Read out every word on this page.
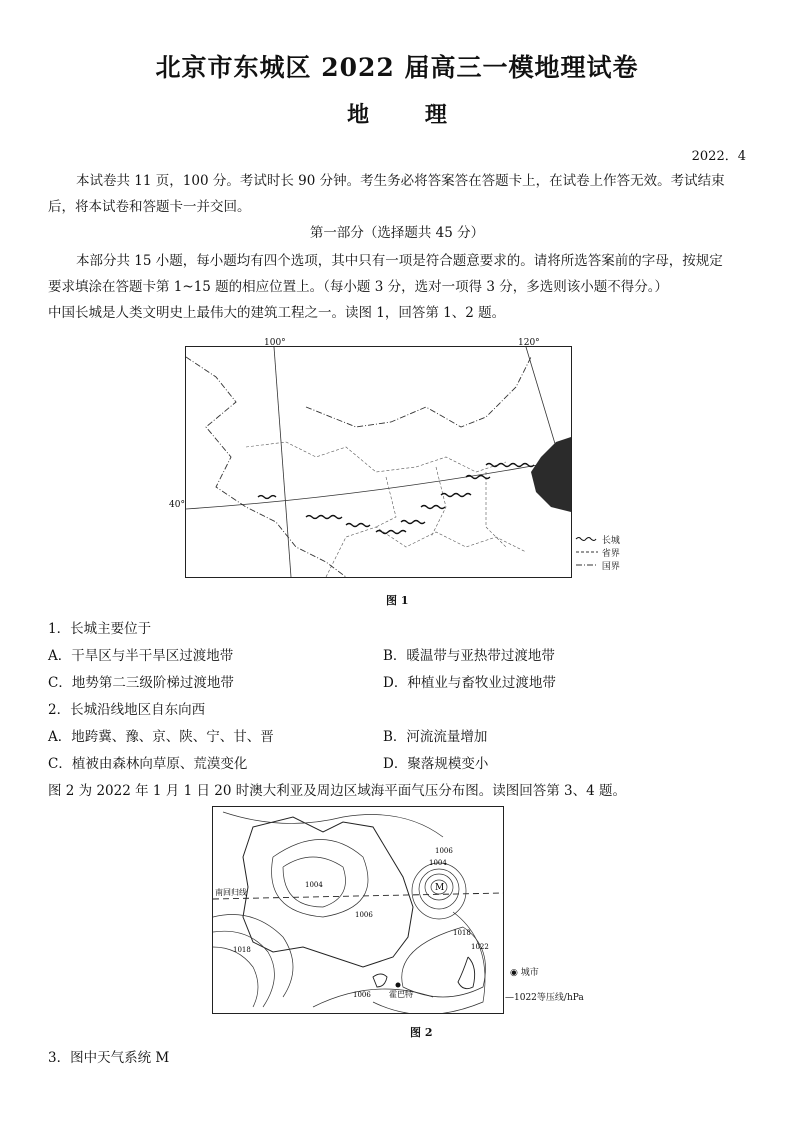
北京市东城区 2022 届高三一模地理试卷
地 理
2022．4
本试卷共 11 页，100 分。考试时长 90 分钟。考生务必将答案答在答题卡上，在试卷上作答无效。考试结束
后，将本试卷和答题卡一并交回。
第一部分（选择题共 45 分）
本部分共 15 小题，每小题均有四个选项，其中只有一项是符合题意要求的。请将所选答案前的字母，按规定
要求填涂在答题卡第 1~15 题的相应位置上。（每小题 3 分，选对一项得 3 分，多选则该小题不得分。）
中国长城是人类文明史上最伟大的建筑工程之一。读图 1，回答第 1、2 题。
100°	120°
40°
长城
省界
国界
图 1
1．长城主要位于
A．干旱区与半干旱区过渡地带	B．暖温带与亚热带过渡地带
C．地势第二三级阶梯过渡地带	D．种植业与畜牧业过渡地带
2．长城沿线地区自东向西
A．地跨冀、豫、京、陕、宁、甘、晋	B．河流流量增加
C．植被由森林向草原、荒漠变化	D．聚落规模变小
图 2 为 2022 年 1 月 1 日 20 时澳大利亚及周边区域海平面气压分布图。读图回答第 3、4 题。
M
南回归线
1006
1004
1004
1006
1018
1018
1022
1006 霍巴特
◉ 城市
—1022等压线/hPa
图 2
3．图中天气系统 M
